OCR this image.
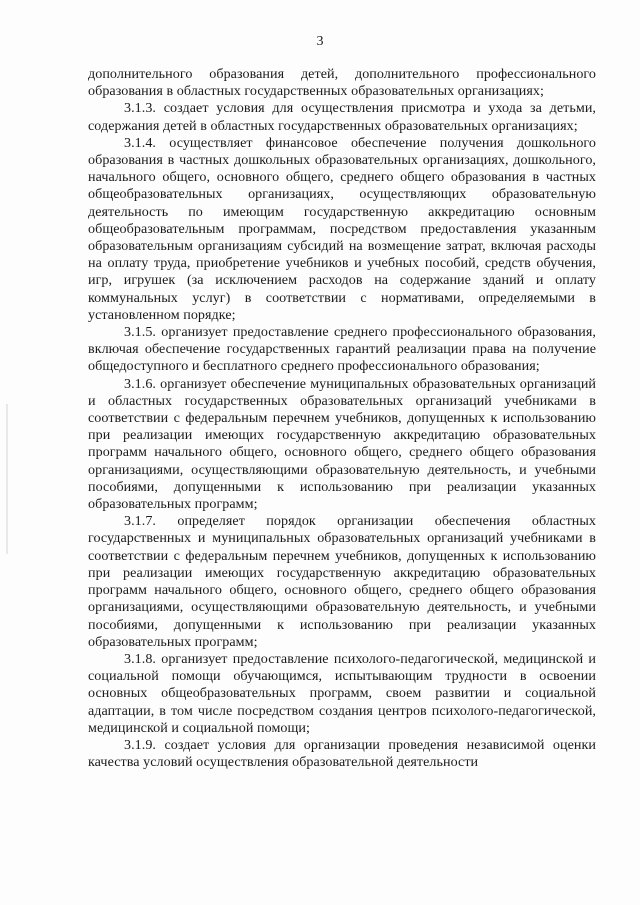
3

дополнительного образования детей, дополнительного профессионального образования в областных государственных образовательных организациях;

3.1.3. создает условия для осуществления присмотра и ухода за детьми, содержания детей в областных государственных образовательных организациях;

3.1.4. осуществляет финансовое обеспечение получения дошкольного образования в частных дошкольных образовательных организациях, дошкольного, начального общего, основного общего, среднего общего образования в частных общеобразовательных организациях, осуществляющих образовательную деятельность по имеющим государственную аккредитацию основным общеобразовательным программам, посредством предоставления указанным образовательным организациям субсидий на возмещение затрат, включая расходы на оплату труда, приобретение учебников и учебных пособий, средств обучения, игр, игрушек (за исключением расходов на содержание зданий и оплату коммунальных услуг) в соответствии с нормативами, определяемыми в установленном порядке;

3.1.5. организует предоставление среднего профессионального образования, включая обеспечение государственных гарантий реализации права на получение общедоступного и бесплатного среднего профессионального образования;

3.1.6. организует обеспечение муниципальных образовательных организаций и областных государственных образовательных организаций учебниками в соответствии с федеральным перечнем учебников, допущенных к использованию при реализации имеющих государственную аккредитацию образовательных программ начального общего, основного общего, среднего общего образования организациями, осуществляющими образовательную деятельность, и учебными пособиями, допущенными к использованию при реализации указанных образовательных программ;

3.1.7. определяет порядок организации обеспечения областных государственных и муниципальных образовательных организаций учебниками в соответствии с федеральным перечнем учебников, допущенных к использованию при реализации имеющих государственную аккредитацию образовательных программ начального общего, основного общего, среднего общего образования организациями, осуществляющими образовательную деятельность, и учебными пособиями, допущенными к использованию при реализации указанных образовательных программ;

3.1.8. организует предоставление психолого-педагогической, медицинской и социальной помощи обучающимся, испытывающим трудности в освоении основных общеобразовательных программ, своем развитии и социальной адаптации, в том числе посредством создания центров психолого-педагогической, медицинской и социальной помощи;

3.1.9. создает условия для организации проведения независимой оценки качества условий осуществления образовательной деятельности
